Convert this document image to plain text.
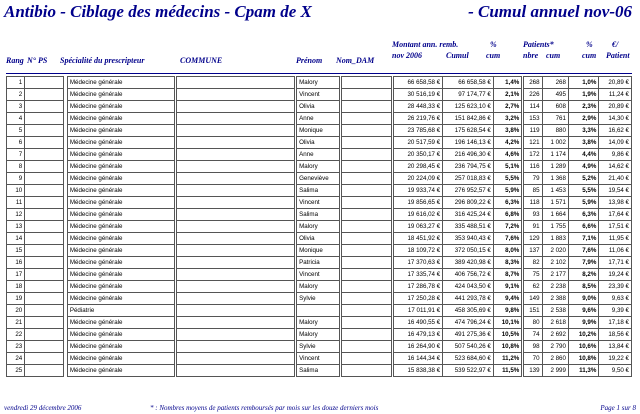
Antibio - Ciblage des médecins - Cpam de X	- Cumul annuel nov-06
Rang N° PS Spécialité du prescripteur	COMMUNE	Prénom Nom_DAM
Montant ann. remb.
nov 2006	Cumul
%
cum
Patients*
nbre cum
%
cum
€/
Patient
1			Médecine générale				Malory				66 658,58 €	66 658,58 €	1,4%		268	268	1,0%	20,89 €
2			Médecine générale				Vincent				30 516,19 €	97 174,77 €	2,1%		226	495	1,9%	11,24 €
3			Médecine générale				Olivia				28 448,33 €	125 623,10 €	2,7%		114	608	2,3%	20,89 €
4			Médecine générale				Anne				26 219,76 €	151 842,86 €	3,2%		153	761	2,9%	14,30 €
5			Médecine générale				Monique				23 785,68 €	175 628,54 €	3,8%		119	880	3,3%	16,62 €
6			Médecine générale				Olivia				20 517,59 €	196 146,13 €	4,2%		121	1 002	3,8%	14,09 €
7			Médecine générale				Anne				20 350,17 €	216 496,30 €	4,6%		172	1 174	4,4%	9,86 €
8			Médecine générale				Malory				20 298,45 €	236 794,75 €	5,1%		116	1 289	4,9%	14,62 €
9			Médecine générale				Geneviève				20 224,09 €	257 018,83 €	5,5%		79	1 368	5,2%	21,40 €
10			Médecine générale				Salima				19 933,74 €	276 952,57 €	5,9%		85	1 453	5,5%	19,54 €
11			Médecine générale				Vincent				19 856,65 €	296 809,22 €	6,3%		118	1 571	5,9%	13,98 €
12			Médecine générale				Salima				19 616,02 €	316 425,24 €	6,8%		93	1 664	6,3%	17,64 €
13			Médecine générale				Malory				19 063,27 €	335 488,51 €	7,2%		91	1 755	6,6%	17,51 €
14			Médecine générale				Olivia				18 451,92 €	353 940,43 €	7,6%		129	1 883	7,1%	11,95 €
15			Médecine générale				Monique				18 109,72 €	372 050,15 €	8,0%		137	2 020	7,6%	11,06 €
16			Médecine générale				Patricia				17 370,63 €	389 420,98 €	8,3%		82	2 102	7,9%	17,71 €
17			Médecine générale				Vincent				17 335,74 €	406 756,72 €	8,7%		75	2 177	8,2%	19,24 €
18			Médecine générale				Malory				17 286,78 €	424 043,50 €	9,1%		62	2 238	8,5%	23,39 €
19			Médecine générale				Sylvie				17 250,28 €	441 293,78 €	9,4%		149	2 388	9,0%	9,63 €
20			Pédiatrie								17 011,91 €	458 305,69 €	9,8%		151	2 538	9,6%	9,39 €
21			Médecine générale				Malory				16 490,55 €	474 796,24 €	10,1%		80	2 618	9,9%	17,18 €
22			Médecine générale				Malory				16 479,13 €	491 275,36 €	10,5%		74	2 692	10,2%	18,56 €
23			Médecine générale				Sylvie				16 264,90 €	507 540,26 €	10,8%		98	2 790	10,6%	13,84 €
24			Médecine générale				Vincent				16 144,34 €	523 684,60 €	11,2%		70	2 860	10,8%	19,22 €
25			Médecine générale				Salima				15 838,38 €	539 522,97 €	11,5%		139	2 999	11,3%	9,50 €
vendredi 29 décembre 2006	* : Nombres moyens de patients remboursés par mois sur les douze derniers mois	Page 1 sur 8
